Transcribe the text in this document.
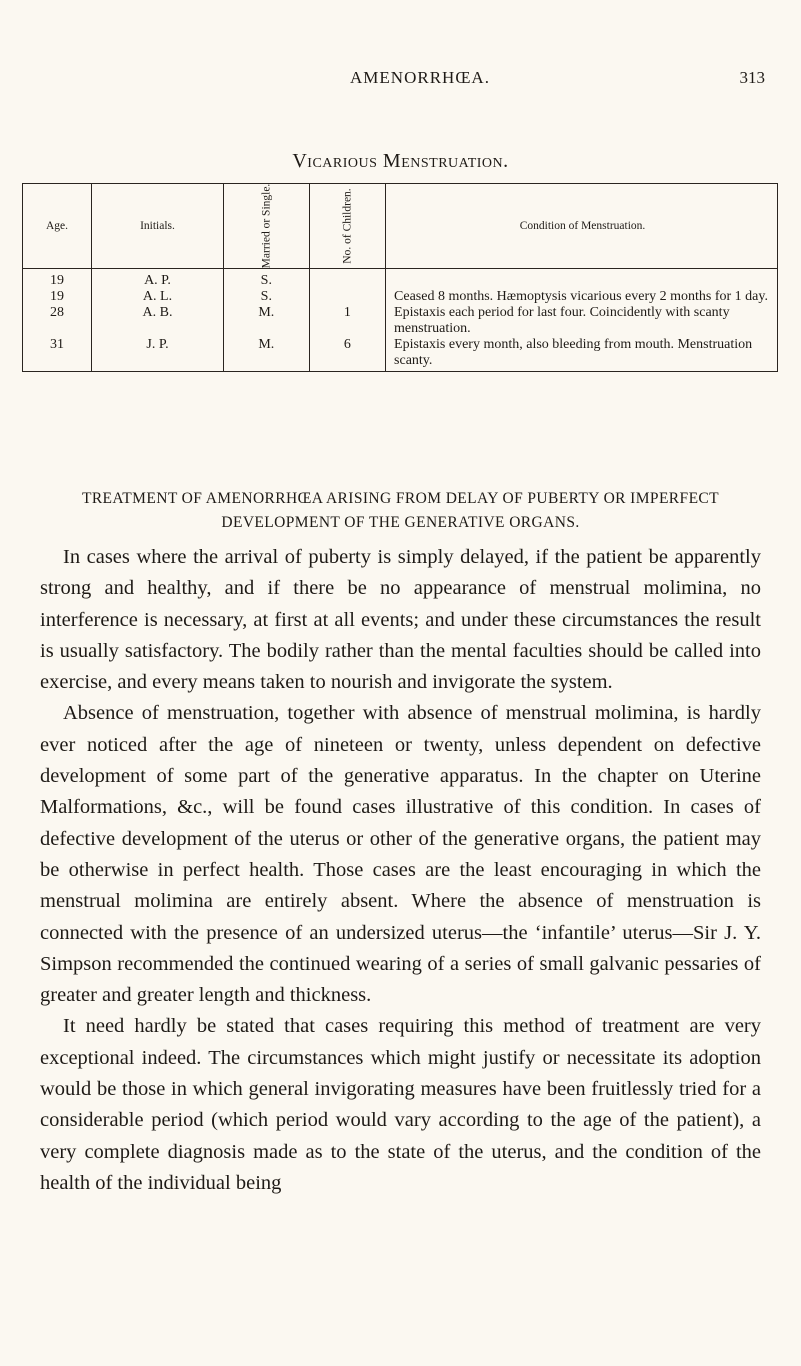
AMENORRHŒA.	313
Vicarious Menstruation.
Age.	Initials.	Married or Single.	No. of Children.	Condition of Menstruation.
19	A. P.	S.		
19	A. L.	S.		Ceased 8 months. Hæmoptysis vicarious every 2 months for 1 day.
28	A. B.	M.	1	Epistaxis each period for last four. Coincidently with scanty menstruation.
31	J. P.	M.	6	Epistaxis every month, also bleeding from mouth. Menstruation scanty.
TREATMENT OF AMENORRHŒA ARISING FROM DELAY OF PUBERTY OR IMPERFECT DEVELOPMENT OF THE GENERATIVE ORGANS.

In cases where the arrival of puberty is simply delayed, if the patient be apparently strong and healthy, and if there be no appearance of menstrual molimina, no interference is necessary, at first at all events; and under these circumstances the result is usually satisfactory. The bodily rather than the mental faculties should be called into exercise, and every means taken to nourish and invigorate the system.

Absence of menstruation, together with absence of menstrual molimina, is hardly ever noticed after the age of nineteen or twenty, unless dependent on defective development of some part of the generative apparatus. In the chapter on Uterine Malformations, &c., will be found cases illustrative of this condition. In cases of defective development of the uterus or other of the generative organs, the patient may be otherwise in perfect health. Those cases are the least encouraging in which the menstrual molimina are entirely absent. Where the absence of menstruation is connected with the presence of an undersized uterus—the ‘infantile’ uterus—Sir J. Y. Simpson recommended the continued wearing of a series of small galvanic pessaries of greater and greater length and thickness.

It need hardly be stated that cases requiring this method of treatment are very exceptional indeed. The circumstances which might justify or necessitate its adoption would be those in which general invigorating measures have been fruitlessly tried for a considerable period (which period would vary according to the age of the patient), a very complete diagnosis made as to the state of the uterus, and the condition of the health of the individual being
